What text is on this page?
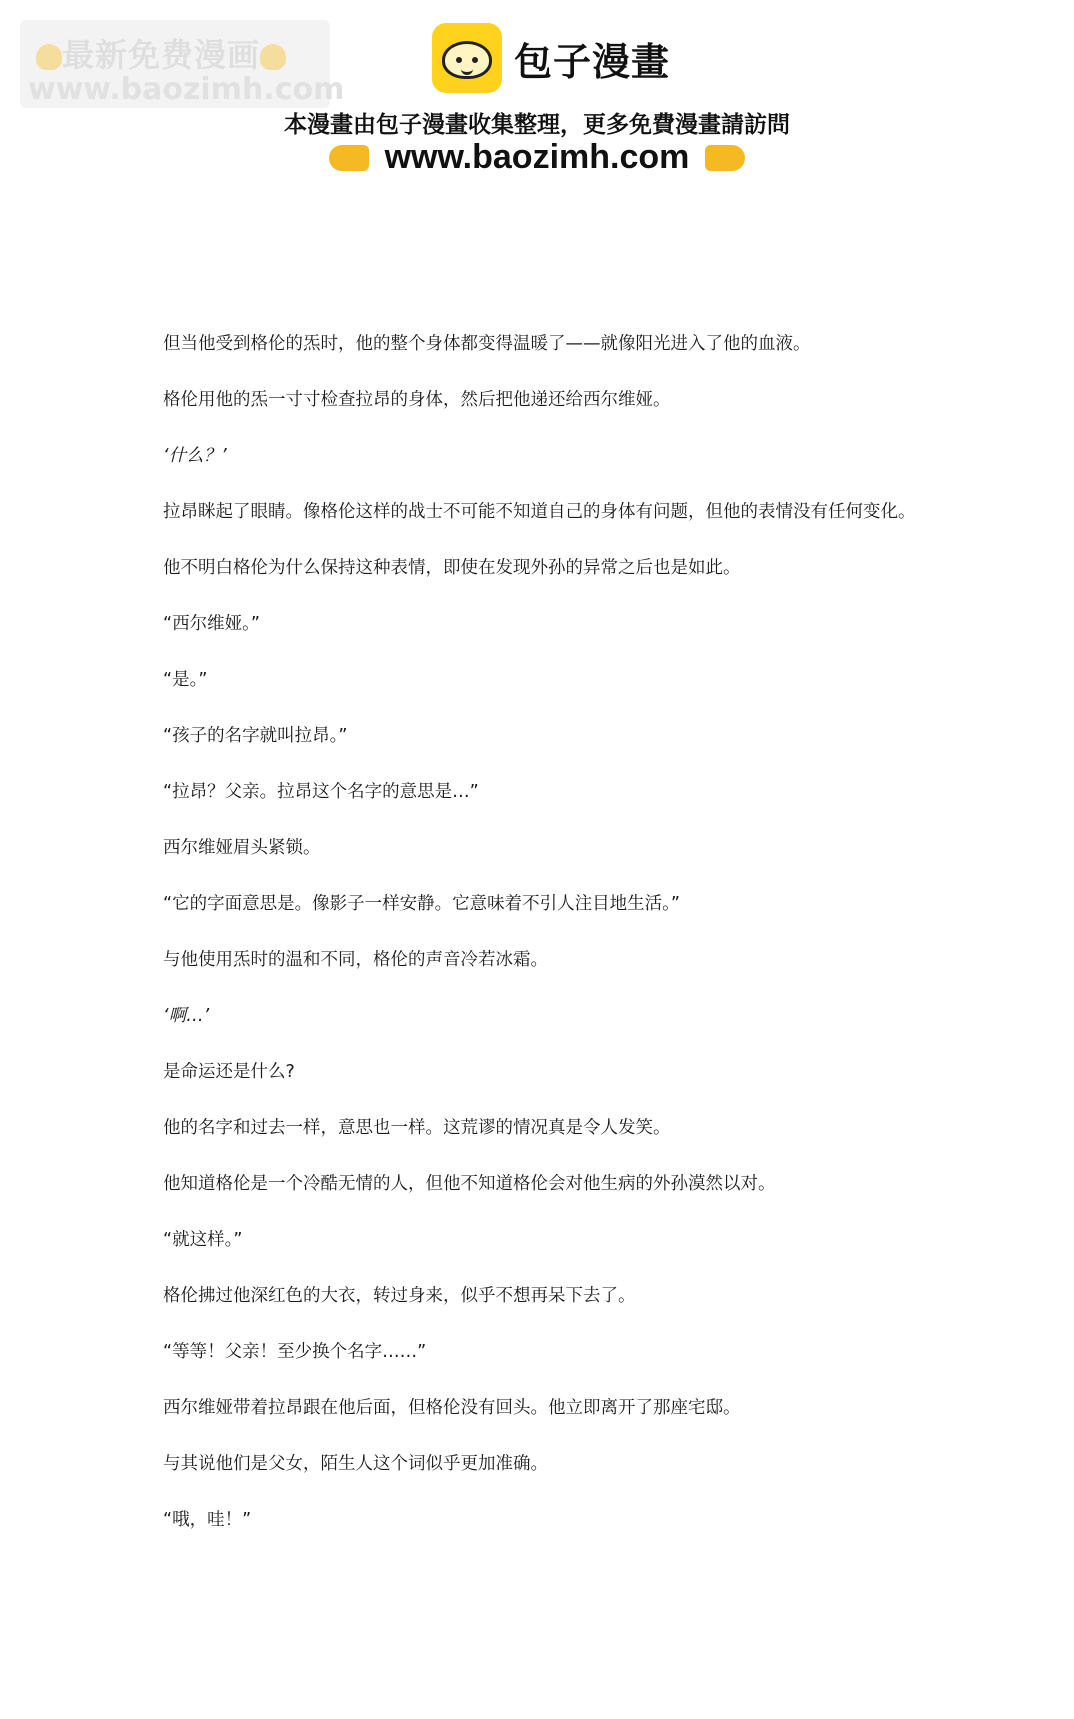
最新免费漫画
www.baozimh.com
包子漫畫
本漫畫由包子漫畫收集整理，更多免費漫畫請訪問
www.baozimh.com

但当他受到格伦的炁时，他的整个身体都变得温暖了——就像阳光进入了他的血液。

格伦用他的炁一寸寸检查拉昂的身体，然后把他递还给西尔维娅。

‘什么？’

拉昂眯起了眼睛。像格伦这样的战士不可能不知道自己的身体有问题，但他的表情没有任何变化。

他不明白格伦为什么保持这种表情，即使在发现外孙的异常之后也是如此。

“西尔维娅。”

“是。”

“孩子的名字就叫拉昂。”

“拉昂？父亲。拉昂这个名字的意思是…”

西尔维娅眉头紧锁。

“它的字面意思是。像影子一样安静。它意味着不引人注目地生活。”

与他使用炁时的温和不同，格伦的声音冷若冰霜。

‘啊…’

是命运还是什么?

他的名字和过去一样，意思也一样。这荒谬的情况真是令人发笑。

他知道格伦是一个冷酷无情的人，但他不知道格伦会对他生病的外孙漠然以对。

“就这样。”

格伦拂过他深红色的大衣，转过身来，似乎不想再呆下去了。

“等等！父亲！至少换个名字……”

西尔维娅带着拉昂跟在他后面，但格伦没有回头。他立即离开了那座宅邸。

与其说他们是父女，陌生人这个词似乎更加准确。

“哦，哇！”
